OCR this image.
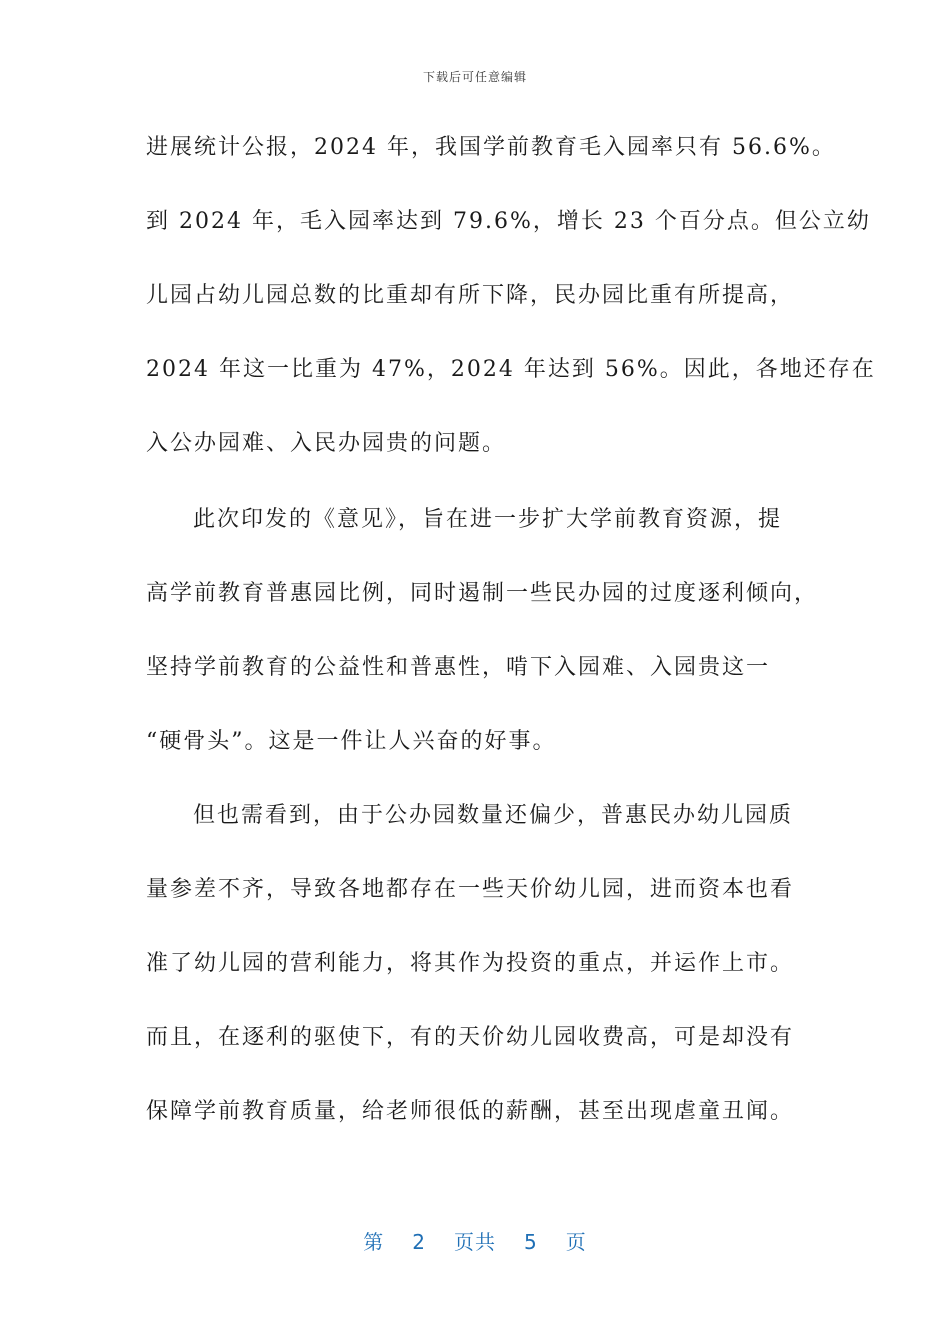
下载后可任意编辑
进展统计公报，2024 年，我国学前教育毛入园率只有 56.6%。
到 2024 年，毛入园率达到 79.6%，增长 23 个百分点。但公立幼
儿园占幼儿园总数的比重却有所下降，民办园比重有所提高，
2024 年这一比重为 47%，2024 年达到 56%。因此，各地还存在
入公办园难、入民办园贵的问题。
此次印发的《意见》，旨在进一步扩大学前教育资源，提
高学前教育普惠园比例，同时遏制一些民办园的过度逐利倾向，
坚持学前教育的公益性和普惠性，啃下入园难、入园贵这一
“硬骨头”。这是一件让人兴奋的好事。
但也需看到，由于公办园数量还偏少，普惠民办幼儿园质
量参差不齐，导致各地都存在一些天价幼儿园，进而资本也看
准了幼儿园的营利能力，将其作为投资的重点，并运作上市。
而且，在逐利的驱使下，有的天价幼儿园收费高，可是却没有
保障学前教育质量，给老师很低的薪酬，甚至出现虐童丑闻。
第 2 页共 5 页
